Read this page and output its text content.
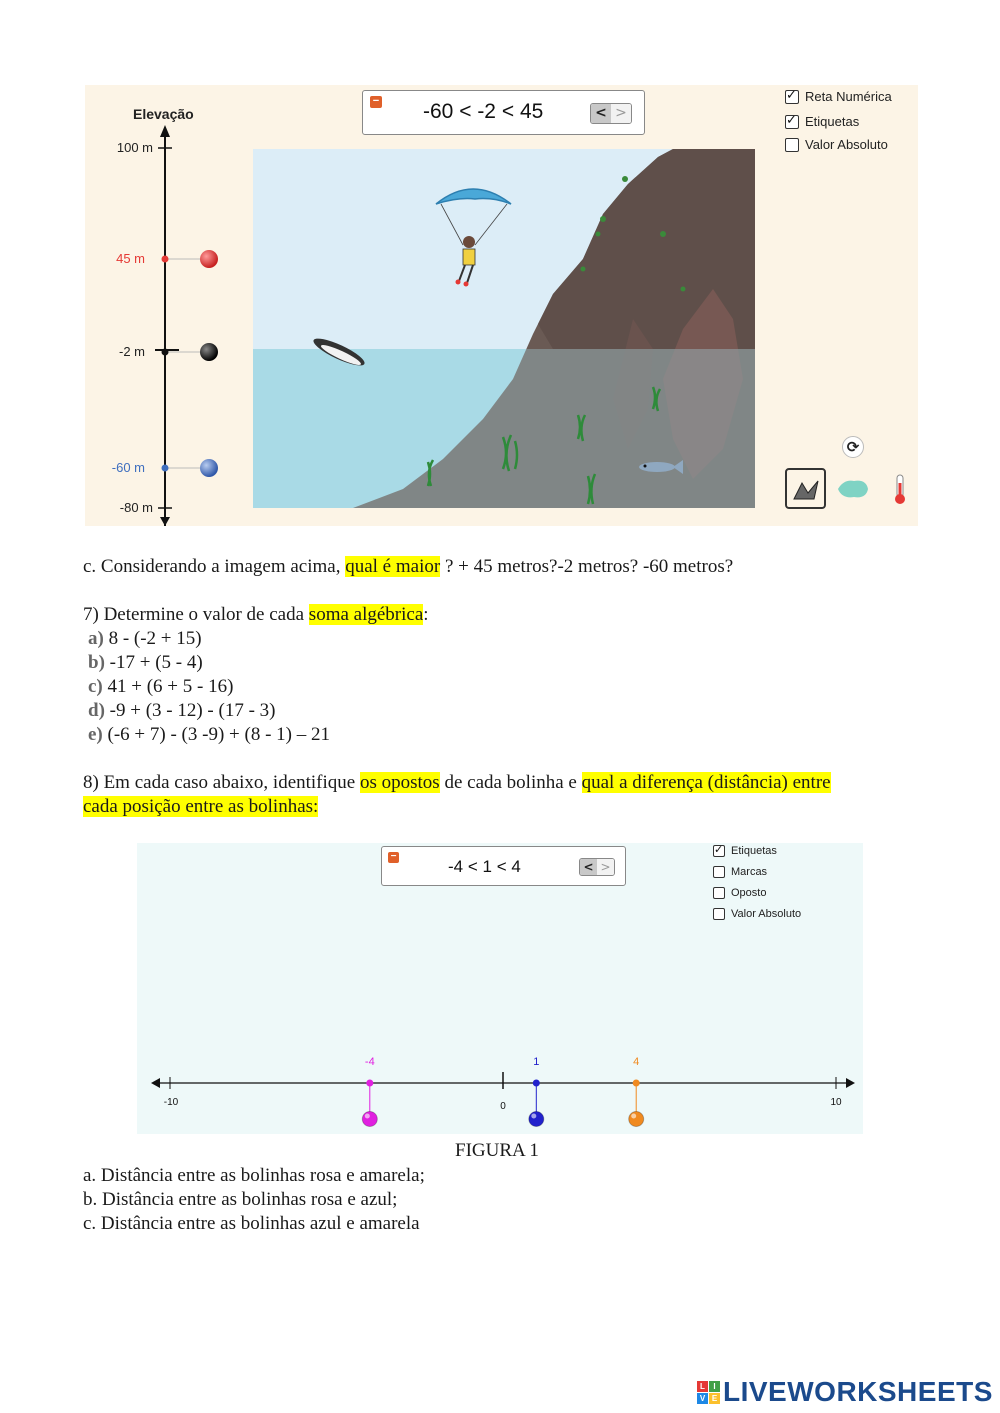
Elevação
100 m
45 m
-2 m
-60 m
-80 m
− -60 < -2 < 45	< >
✓
Reta Numérica
✓
Etiquetas
Valor Absoluto
⟳
c. Considerando a imagem acima, qual é maior ? + 45 metros?-2 metros? -60 metros?
7) Determine o valor de cada soma algébrica:
a) 8 - (-2 + 15)
b) -17 + (5 - 4)
c) 41 + (6 + 5 - 16)
d) -9 + (3 - 12) - (17 - 3)
e) (-6 + 7) - (3 -9) + (8 - 1) – 21
8) Em cada caso abaixo, identifique os opostos de cada bolinha e qual a diferença (distância) entre
cada posição entre as bolinhas:
−
-4 < 1 < 4	< >
✓
Etiquetas
Marcas
Oposto
Valor Absoluto
-10	0	10
-4	1	4
FIGURA 1
a. Distância entre as bolinhas rosa e amarela;
b. Distância entre as bolinhas rosa e azul;
c. Distância entre as bolinhas azul e amarela
L	I
V E LIVEWORKSHEETS
